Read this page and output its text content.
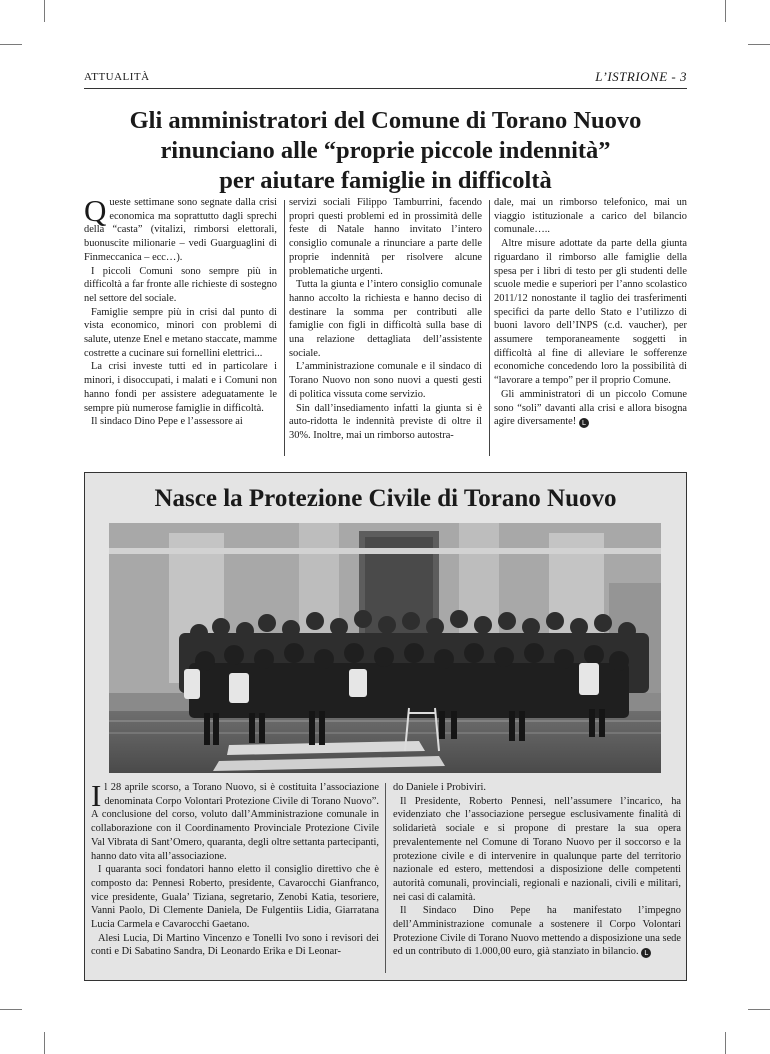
ATTUALITÀ	L’ISTRIONE - 3
Gli amministratori del Comune di Torano Nuovo
rinunciano alle “proprie piccole indennità”
per aiutare famiglie in difficoltà

Queste settimane sono segnate dalla crisi economica ma soprattutto dagli sprechi della “casta” (vitalizi, rimborsi elettorali, buonuscite milionarie – vedi Guarguaglini di Finmeccanica – ecc…).

I piccoli Comuni sono sempre più in difficoltà a far fronte alle richieste di sostegno nel settore del sociale.

Famiglie sempre più in crisi dal punto di vista economico, minori con problemi di salute, utenze Enel e metano staccate, mamme costrette a cucinare sui fornellini elettrici...

La crisi investe tutti ed in particolare i minori, i disoccupati, i malati e i Comuni non hanno fondi per assistere adeguatamente le sempre più numerose famiglie in difficoltà.

Il sindaco Dino Pepe e l’assessore ai

servizi sociali Filippo Tamburrini, facendo propri questi problemi ed in prossimità delle feste di Natale hanno invitato l’intero consiglio comunale a rinunciare a parte delle proprie indennità per risolvere alcune problematiche urgenti.

Tutta la giunta e l’intero consiglio comunale hanno accolto la richiesta e hanno deciso di destinare la somma per contributi alle famiglie con figli in difficoltà sulla base di una relazione dettagliata dell’assistente sociale.

L’amministrazione comunale e il sindaco di Torano Nuovo non sono nuovi a questi gesti di politica vissuta come servizio.

Sin dall’insediamento infatti la giunta si è auto-ridotta le indennità previste di oltre il 30%. Inoltre, mai un rimborso autostra-

dale, mai un rimborso telefonico, mai un viaggio istituzionale a carico del bilancio comunale…..

Altre misure adottate da parte della giunta riguardano il rimborso alle famiglie della spesa per i libri di testo per gli studenti delle scuole medie e superiori per l’anno scolastico 2011/12 nonostante il taglio dei trasferimenti specifici da parte dello Stato e l’utilizzo di buoni lavoro dell’INPS (c.d. vaucher), per assumere temporaneamente soggetti in difficoltà al fine di alleviare le sofferenze economiche concedendo loro la possibilità di “lavorare a tempo” per il proprio Comune.

Gli amministratori di un piccolo Comune sono “soli” davanti alla crisi e allora bisogna agire diversamente! L

Nasce la Protezione Civile di Torano Nuovo

Il 28 aprile scorso, a Torano Nuovo, si è costituita l’associazione denominata Corpo Volontari Protezione Civile di Torano Nuovo”. A conclusione del corso, voluto dall’Amministrazione comunale in collaborazione con il Coordinamento Provinciale Protezione Civile Val Vibrata di Sant’Omero, quaranta, degli oltre settanta partecipanti, hanno dato vita all’associazione.

I quaranta soci fondatori hanno eletto il consiglio direttivo che è composto da: Pennesi Roberto, presidente, Cavarocchi Gianfranco, vice presidente, Guala’ Tiziana, segretario, Zenobi Katia, tesoriere, Vanni Paolo, Di Clemente Daniela, De Fulgentiis Lidia, Giarratana Lucia Carmela e Cavarocchi Gaetano.

Alesi Lucia, Di Martino Vincenzo e Tonelli Ivo sono i revisori dei conti e Di Sabatino Sandra, Di Leonardo Erika e Di Leonar-

do Daniele i Probiviri.

Il Presidente, Roberto Pennesi, nell’assumere l’incarico, ha evidenziato che l’associazione persegue esclusivamente finalità di solidarietà sociale e si propone di prestare la sua opera prevalentemente nel Comune di Torano Nuovo per il soccorso e la protezione civile e di intervenire in qualunque parte del territorio nazionale ed estero, mettendosi a disposizione delle competenti autorità comunali, provinciali, regionali e nazionali, civili e militari, nei casi di calamità.

Il Sindaco Dino Pepe ha manifestato l’impegno dell’Amministrazione comunale a sostenere il Corpo Volontari Protezione Civile di Torano Nuovo mettendo a disposizione una sede ed un contributo di 1.000,00 euro, già stanziato in bilancio. L
